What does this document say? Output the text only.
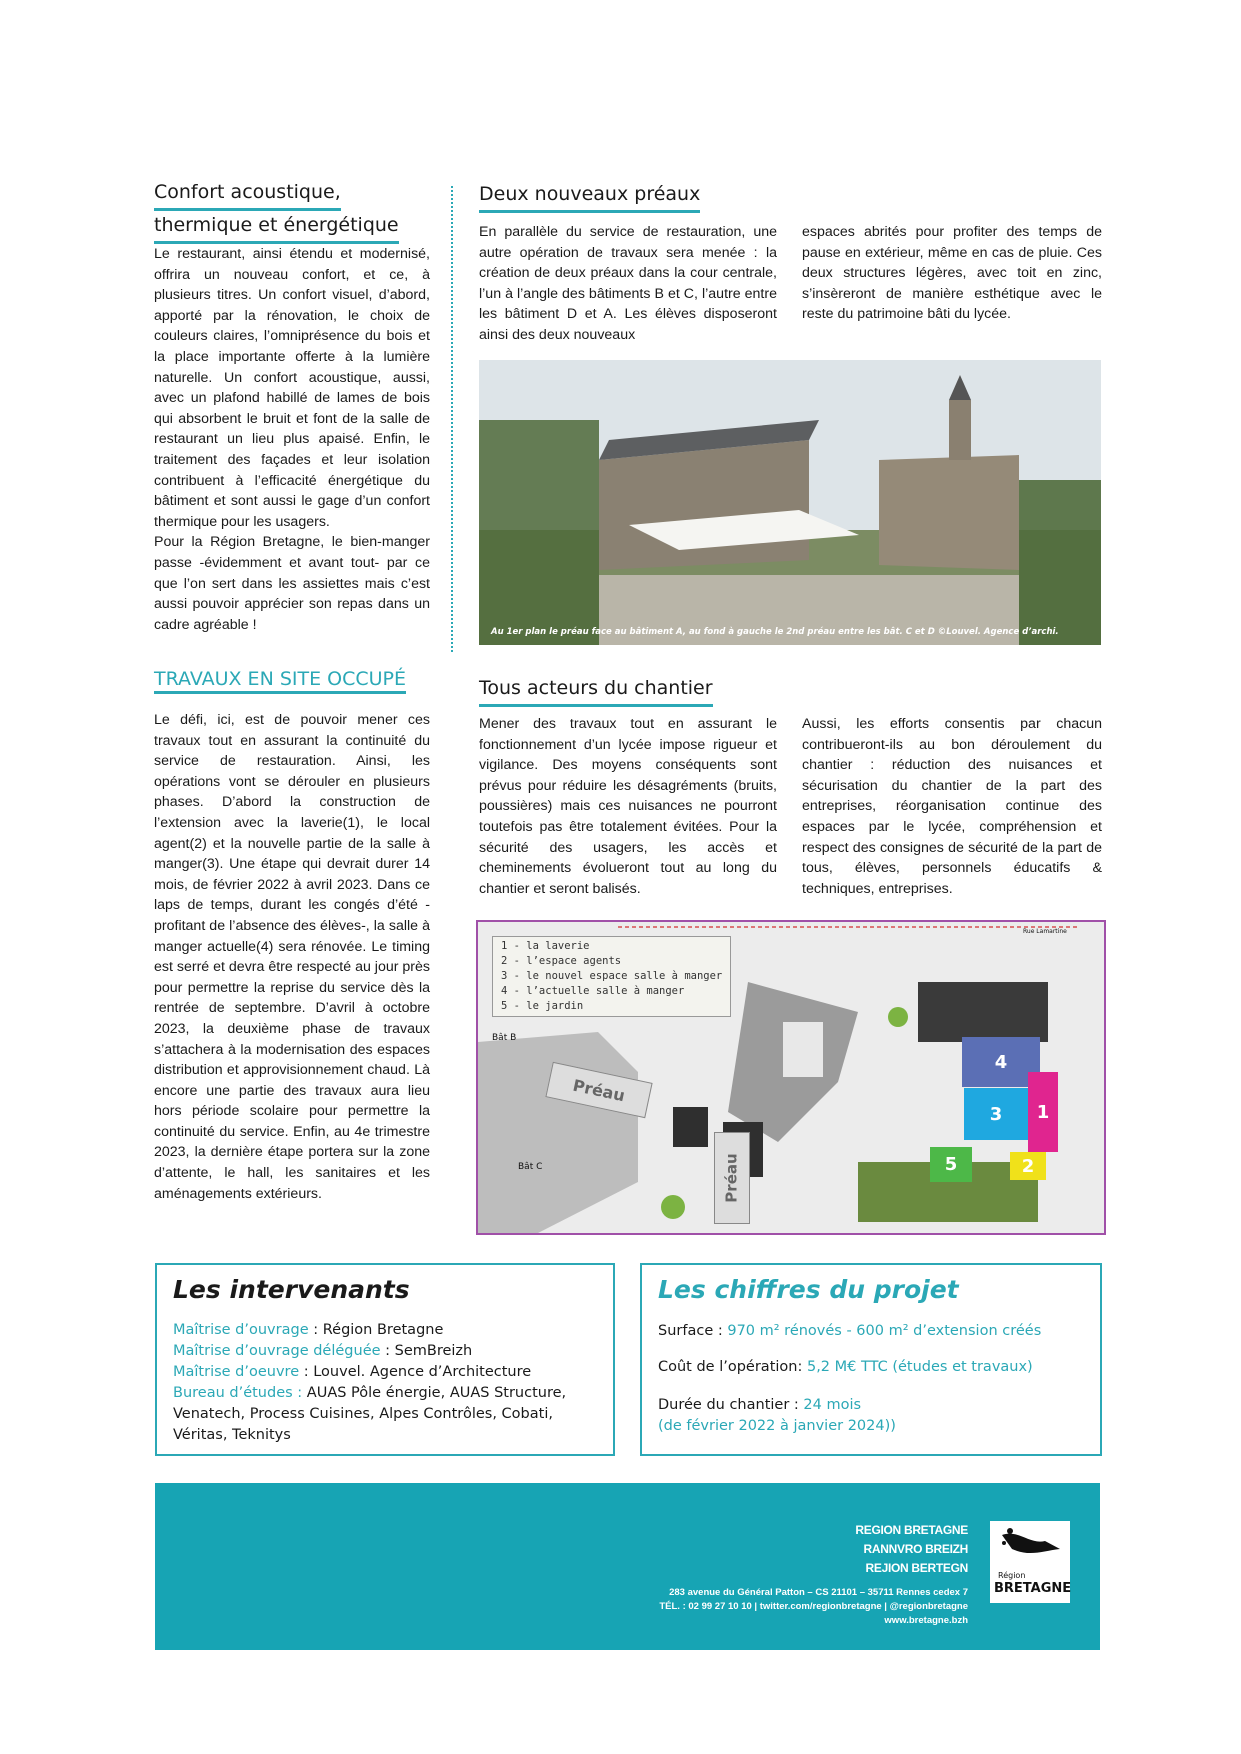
Confort acoustique,
thermique et énergétique

Le restaurant, ainsi étendu et modernisé, offrira un nouveau confort, et ce, à plusieurs titres. Un confort visuel, d’abord, apporté par la rénovation, le choix de couleurs claires, l’omniprésence du bois et la place importante offerte à la lumière naturelle. Un confort acoustique, aussi, avec un plafond habillé de lames de bois qui absorbent le bruit et font de la salle de restaurant un lieu plus apaisé. Enfin, le traitement des façades et leur isolation contribuent à l’efficacité énergétique du bâtiment et sont aussi le gage d’un confort thermique pour les usagers.

Pour la Région Bretagne, le bien-manger passe -évidemment et avant tout- par ce que l’on sert dans les assiettes mais c’est aussi pouvoir apprécier son repas dans un cadre agréable !

TRAVAUX EN SITE OCCUPÉ

Le défi, ici, est de pouvoir mener ces travaux tout en assurant la continuité du service de restauration. Ainsi, les opérations vont se dérouler en plusieurs phases. D’abord la construction de l’extension avec la laverie(1), le local agent(2) et la nouvelle partie de la salle à manger(3). Une étape qui devrait durer 14 mois, de février 2022 à avril 2023. Dans ce laps de temps, durant les congés d’été -profitant de l’absence des élèves-, la salle à manger actuelle(4) sera rénovée. Le timing est serré et devra être respecté au jour près pour permettre la reprise du service dès la rentrée de septembre. D’avril à octobre 2023, la deuxième phase de travaux s’attachera à la modernisation des espaces distribution et approvisionnement chaud. Là encore une partie des travaux aura lieu hors période scolaire pour permettre la continuité du service. Enfin, au 4e trimestre 2023, la dernière étape portera sur la zone d’attente, le hall, les sanitaires et les aménagements extérieurs.

Deux nouveaux préaux
En parallèle du service de restauration, une autre opération de travaux sera menée : la création de deux préaux dans la cour centrale, l’un à l’angle des bâtiments B et C, l’autre entre les bâtiment D et A. Les élèves disposeront ainsi des deux nouveaux
espaces abrités pour profiter des temps de pause en extérieur, même en cas de pluie. Ces deux structures légères, avec toit en zinc, s’insèreront de manière esthétique avec le reste du patrimoine bâti du lycée.
Au 1er plan le préau face au bâtiment A, au fond à gauche le 2nd préau entre les bât. C et D ©Louvel. Agence d’archi.
Tous acteurs du chantier
Mener des travaux tout en assurant le fonctionnement d’un lycée impose rigueur et vigilance. Des moyens conséquents sont prévus pour réduire les désagréments (bruits, poussières) mais ces nuisances ne pourront toutefois pas être totalement évitées. Pour la sécurité des usagers, les accès et cheminements évolueront tout au long du chantier et seront balisés.
Aussi, les efforts consentis par chacun contribueront-ils au bon déroulement du chantier : réduction des nuisances et sécurisation du chantier de la part des entreprises, réorganisation continue des espaces par le lycée, compréhension et respect des consignes de sécurité de la part de tous, élèves, personnels éducatifs & techniques, entreprises.
1 - la laverie
2 - l’espace agents
3 - le nouvel espace salle à manger
4 - l’actuelle salle à manger
5 - le jardin
Bât B
Bât C
Rue Lamartine
Préau
Préau
4
3	1
2
5
Les intervenants
Maîtrise d’ouvrage : Région Bretagne
Maîtrise d’ouvrage déléguée : SemBreizh
Maîtrise d’oeuvre : Louvel. Agence d’Architecture
Bureau d’études : AUAS Pôle énergie, AUAS Structure, Venatech, Process Cuisines, Alpes Contrôles, Cobati, Véritas, Teknitys
Les chiffres du projet
Surface : 970 m² rénovés - 600 m² d’extension créés
Coût de l’opération: 5,2 M€ TTC (études et travaux)
Durée du chantier : 24 mois
(de février 2022 à janvier 2024))
REGION BRETAGNE
RANNVRO BREIZH
REJION BERTEGN
283 avenue du Général Patton – CS 21101 – 35711 Rennes cedex 7
TÉL. : 02 99 27 10 10 | twitter.com/regionbretagne | @regionbretagne
www.bretagne.bzh
Région
BRETAGNE
